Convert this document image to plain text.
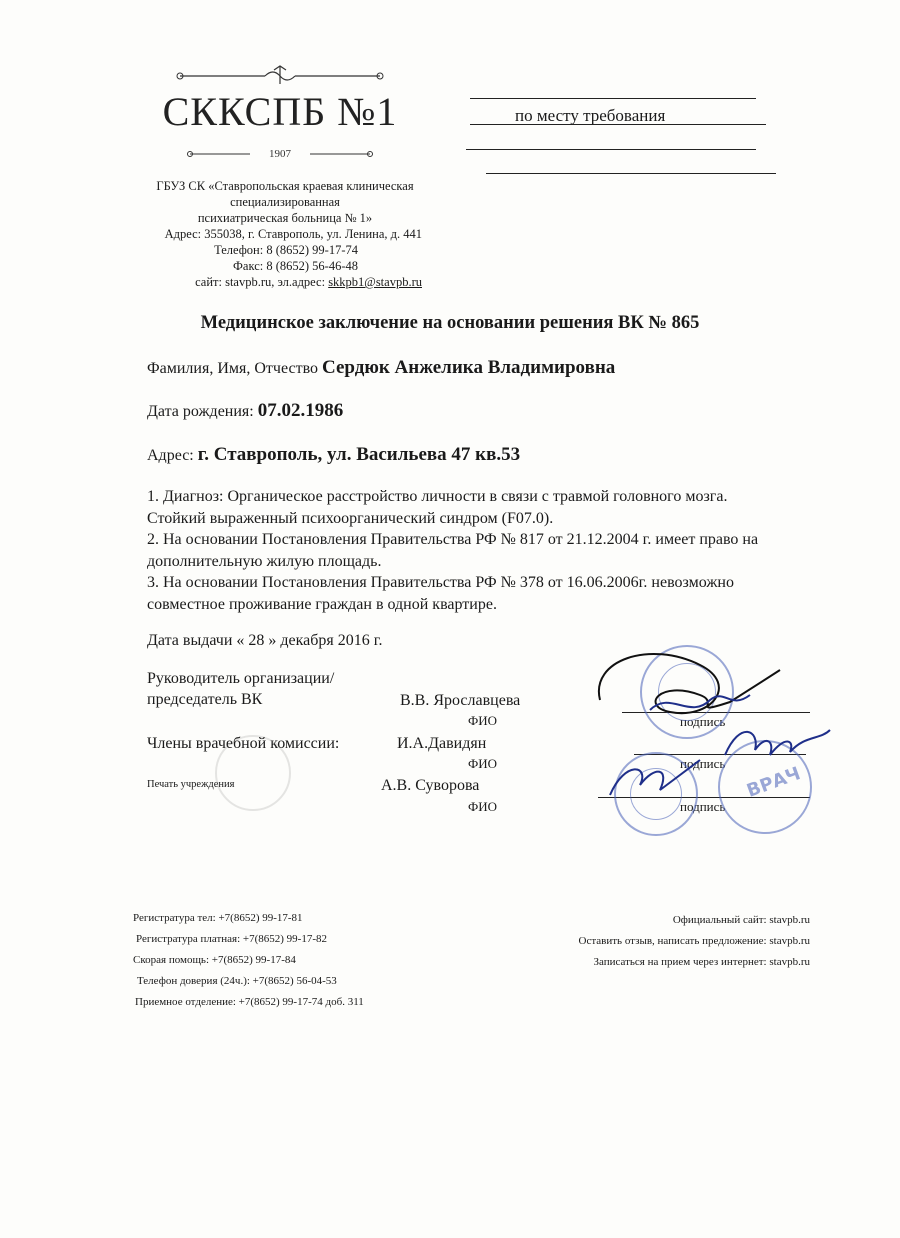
СККСПБ №1
1907
ГБУЗ СК «Ставропольская краевая клиническая
специализированная
психиатрическая больница № 1»
Адрес: 355038, г. Ставрополь, ул. Ленина, д. 441
Телефон: 8 (8652) 99-17-74
Факс: 8 (8652) 56-46-48
сайт: stavpb.ru, эл.адрес: skkpb1@stavpb.ru
по месту требования
Медицинское заключение на основании решения ВК № 865
Фамилия, Имя, Отчество Сердюк Анжелика Владимировна
Дата рождения: 07.02.1986
Адрес: г. Ставрополь, ул. Васильева 47 кв.53
1. Диагноз: Органическое расстройство личности в связи с травмой головного мозга.
Стойкий выраженный психоорганический синдром (F07.0).
2. На основании Постановления Правительства РФ № 817 от 21.12.2004 г. имеет право на
дополнительную жилую площадь.
3. На основании Постановления Правительства РФ № 378 от 16.06.2006г. невозможно
совместное проживание граждан в одной квартире.
Дата выдачи « 28 » декабря 2016 г.
Руководитель организации/
председатель ВК	В.В. Ярославцева
ФИО
Члены врачебной комиссии:	И.А.Давидян
ФИО
Печать учреждения	А.В. Суворова
ФИО
подпись
подпись
подпись
ВРАЧ
Регистратура тел: +7(8652) 99-17-81
Регистратура платная: +7(8652) 99-17-82
Скорая помощь: +7(8652) 99-17-84
Телефон доверия (24ч.): +7(8652) 56-04-53
Приемное отделение: +7(8652) 99-17-74 доб. 311
Официальный сайт: stavpb.ru
Оставить отзыв, написать предложение: stavpb.ru
Записаться на прием через интернет: stavpb.ru
